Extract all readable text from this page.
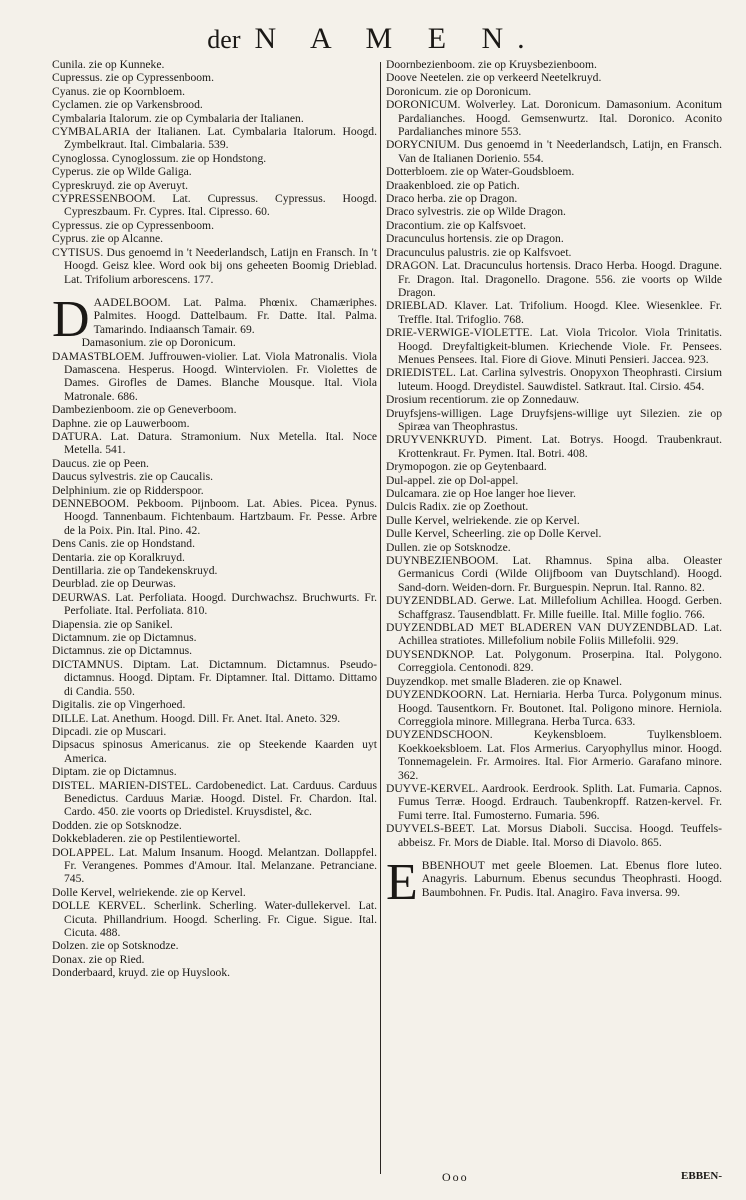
der N A M E N.

Cunila. zie op Kunneke.

Cupressus. zie op Cypressenboom.

Cyanus. zie op Koornbloem.

Cyclamen. zie op Varkensbrood.

Cymbalaria Italorum. zie op Cymbalaria der Italianen.

CYMBALARIA der Italianen. Lat. Cymbalaria Italorum. Hoogd. Zymbelkraut. Ital. Cimbalaria. 539.

Cynoglossa. Cynoglossum. zie op Hondstong.

Cyperus. zie op Wilde Galiga.

Cypreskruyd. zie op Averuyt.

CYPRESSENBOOM. Lat. Cupressus. Cypressus. Hoogd. Cypreszbaum. Fr. Cypres. Ital. Cipresso. 60.

Cypressus. zie op Cypressenboom.

Cyprus. zie op Alcanne.

CYTISUS. Dus genoemd in 't Neederlandsch, Latijn en Fransch. In 't Hoogd. Geisz klee. Word ook bij ons geheeten Boomig Drieblad. Lat. Trifolium arborescens. 177.

DAADELBOOM. Lat. Palma. Phœnix. Chamæriphes. Palmites. Hoogd. Dattelbaum. Fr. Datte. Ital. Palma. Tamarindo. Indiaansch Tamair. 69.

Damasonium. zie op Doronicum.

DAMASTBLOEM. Juffrouwen-violier. Lat. Viola Matronalis. Viola Damascena. Hesperus. Hoogd. Winterviolen. Fr. Violettes de Dames. Girofles de Dames. Blanche Mousque. Ital. Viola Matronale. 686.

Dambezienboom. zie op Geneverboom.

Daphne. zie op Lauwerboom.

DATURA. Lat. Datura. Stramonium. Nux Metella. Ital. Noce Metella. 541.

Daucus. zie op Peen.

Daucus sylvestris. zie op Caucalis.

Delphinium. zie op Ridderspoor.

DENNEBOOM. Pekboom. Pijnboom. Lat. Abies. Picea. Pynus. Hoogd. Tannenbaum. Fichtenbaum. Hartzbaum. Fr. Pesse. Arbre de la Poix. Pin. Ital. Pino. 42.

Dens Canis. zie op Hondstand.

Dentaria. zie op Koralkruyd.

Dentillaria. zie op Tandekenskruyd.

Deurblad. zie op Deurwas.

DEURWAS. Lat. Perfoliata. Hoogd. Durchwachsz. Bruchwurts. Fr. Perfoliate. Ital. Perfoliata. 810.

Diapensia. zie op Sanikel.

Dictamnum. zie op Dictamnus.

Dictamnus. zie op Dictamnus.

DICTAMNUS. Diptam. Lat. Dictamnum. Dictamnus. Pseudo-dictamnus. Hoogd. Diptam. Fr. Diptamner. Ital. Dittamo. Dittamo di Candia. 550.

Digitalis. zie op Vingerhoed.

DILLE. Lat. Anethum. Hoogd. Dill. Fr. Anet. Ital. Aneto. 329.

Dipcadi. zie op Muscari.

Dipsacus spinosus Americanus. zie op Steekende Kaarden uyt America.

Diptam. zie op Dictamnus.

DISTEL. MARIEN-DISTEL. Cardobenedict. Lat. Carduus. Carduus Benedictus. Carduus Mariæ. Hoogd. Distel. Fr. Chardon. Ital. Cardo. 450. zie voorts op Driedistel. Kruysdistel, &c.

Dodden. zie op Sotsknodze.

Dokkebladeren. zie op Pestilentiewortel.

DOLAPPEL. Lat. Malum Insanum. Hoogd. Melantzan. Dollappfel. Fr. Verangenes. Pommes d'Amour. Ital. Melanzane. Petranciane. 745.

Dolle Kervel, welriekende. zie op Kervel.

DOLLE KERVEL. Scherlink. Scherling. Water-dullekervel. Lat. Cicuta. Phillandrium. Hoogd. Scherling. Fr. Cigue. Sigue. Ital. Cicuta. 488.

Dolzen. zie op Sotsknodze.

Donax. zie op Ried.

Donderbaard, kruyd. zie op Huyslook.

Doornbezienboom. zie op Kruysbezienboom.

Doove Neetelen. zie op verkeerd Neetelkruyd.

Doronicum. zie op Doronicum.

DORONICUM. Wolverley. Lat. Doronicum. Damasonium. Aconitum Pardalianches. Hoogd. Gemsenwurtz. Ital. Doronico. Aconito Pardalianches minore 553.

DORYCNIUM. Dus genoemd in 't Neederlandsch, Latijn, en Fransch. Van de Italianen Dorienio. 554.

Dotterbloem. zie op Water-Goudsbloem.

Draakenbloed. zie op Patich.

Draco herba. zie op Dragon.

Draco sylvestris. zie op Wilde Dragon.

Dracontium. zie op Kalfsvoet.

Dracunculus hortensis. zie op Dragon.

Dracunculus palustris. zie op Kalfsvoet.

DRAGON. Lat. Dracunculus hortensis. Draco Herba. Hoogd. Dragune. Fr. Dragon. Ital. Dragonello. Dragone. 556. zie voorts op Wilde Dragon.

DRIEBLAD. Klaver. Lat. Trifolium. Hoogd. Klee. Wiesenklee. Fr. Treffle. Ital. Trifoglio. 768.

DRIE-VERWIGE-VIOLETTE. Lat. Viola Tricolor. Viola Trinitatis. Hoogd. Dreyfaltigkeit-blumen. Kriechende Viole. Fr. Pensees. Menues Pensees. Ital. Fiore di Giove. Minuti Pensieri. Jaccea. 923.

DRIEDISTEL. Lat. Carlina sylvestris. Onopyxon Theophrasti. Cirsium luteum. Hoogd. Dreydistel. Sauwdistel. Satkraut. Ital. Cirsio. 454.

Drosium recentiorum. zie op Zonnedauw.

Druyfsjens-willigen. Lage Druyfsjens-willige uyt Silezien. zie op Spiræa van Theophrastus.

DRUYVENKRUYD. Piment. Lat. Botrys. Hoogd. Traubenkraut. Krottenkraut. Fr. Pymen. Ital. Botri. 408.

Drymopogon. zie op Geytenbaard.

Dul-appel. zie op Dol-appel.

Dulcamara. zie op Hoe langer hoe liever.

Dulcis Radix. zie op Zoethout.

Dulle Kervel, welriekende. zie op Kervel.

Dulle Kervel, Scheerling. zie op Dolle Kervel.

Dullen. zie op Sotsknodze.

DUYNBEZIENBOOM. Lat. Rhamnus. Spina alba. Oleaster Germanicus Cordi (Wilde Olijfboom van Duytschland). Hoogd. Sand-dorn. Weiden-dorn. Fr. Burguespin. Neprun. Ital. Ranno. 82.

DUYZENDBLAD. Gerwe. Lat. Millefolium Achillea. Hoogd. Gerben. Schaffgrasz. Tausendblatt. Fr. Mille fueille. Ital. Mille foglio. 766.

DUYZENDBLAD MET BLADEREN VAN DUYZENDBLAD. Lat. Achillea stratiotes. Millefolium nobile Foliis Millefolii. 929.

DUYSENDKNOP. Lat. Polygonum. Proserpina. Ital. Polygono. Correggiola. Centonodi. 829.

Duyzendkop. met smalle Bladeren. zie op Knawel.

DUYZENDKOORN. Lat. Herniaria. Herba Turca. Polygonum minus. Hoogd. Tausentkorn. Fr. Boutonet. Ital. Poligono minore. Herniola. Correggiola minore. Millegrana. Herba Turca. 633.

DUYZENDSCHOON. Keykensbloem. Tuylkensbloem. Koekkoeksbloem. Lat. Flos Armerius. Caryophyllus minor. Hoogd. Tonnemagelein. Fr. Armoires. Ital. Fior Armerio. Garafano minore. 362.

DUYVE-KERVEL. Aardrook. Eerdrook. Splith. Lat. Fumaria. Capnos. Fumus Terræ. Hoogd. Erdrauch. Taubenkropff. Ratzen-kervel. Fr. Fumi terre. Ital. Fumosterno. Fumaria. 596.

DUYVELS-BEET. Lat. Morsus Diaboli. Succisa. Hoogd. Teuffels-abbeisz. Fr. Mors de Diable. Ital. Morso di Diavolo. 865.

EBBENHOUT met geele Bloemen. Lat. Ebenus flore luteo. Anagyris. Laburnum. Ebenus secundus Theophrasti. Hoogd. Baumbohnen. Fr. Pudis. Ital. Anagiro. Fava inversa. 99.

Ooo	EBBEN-
